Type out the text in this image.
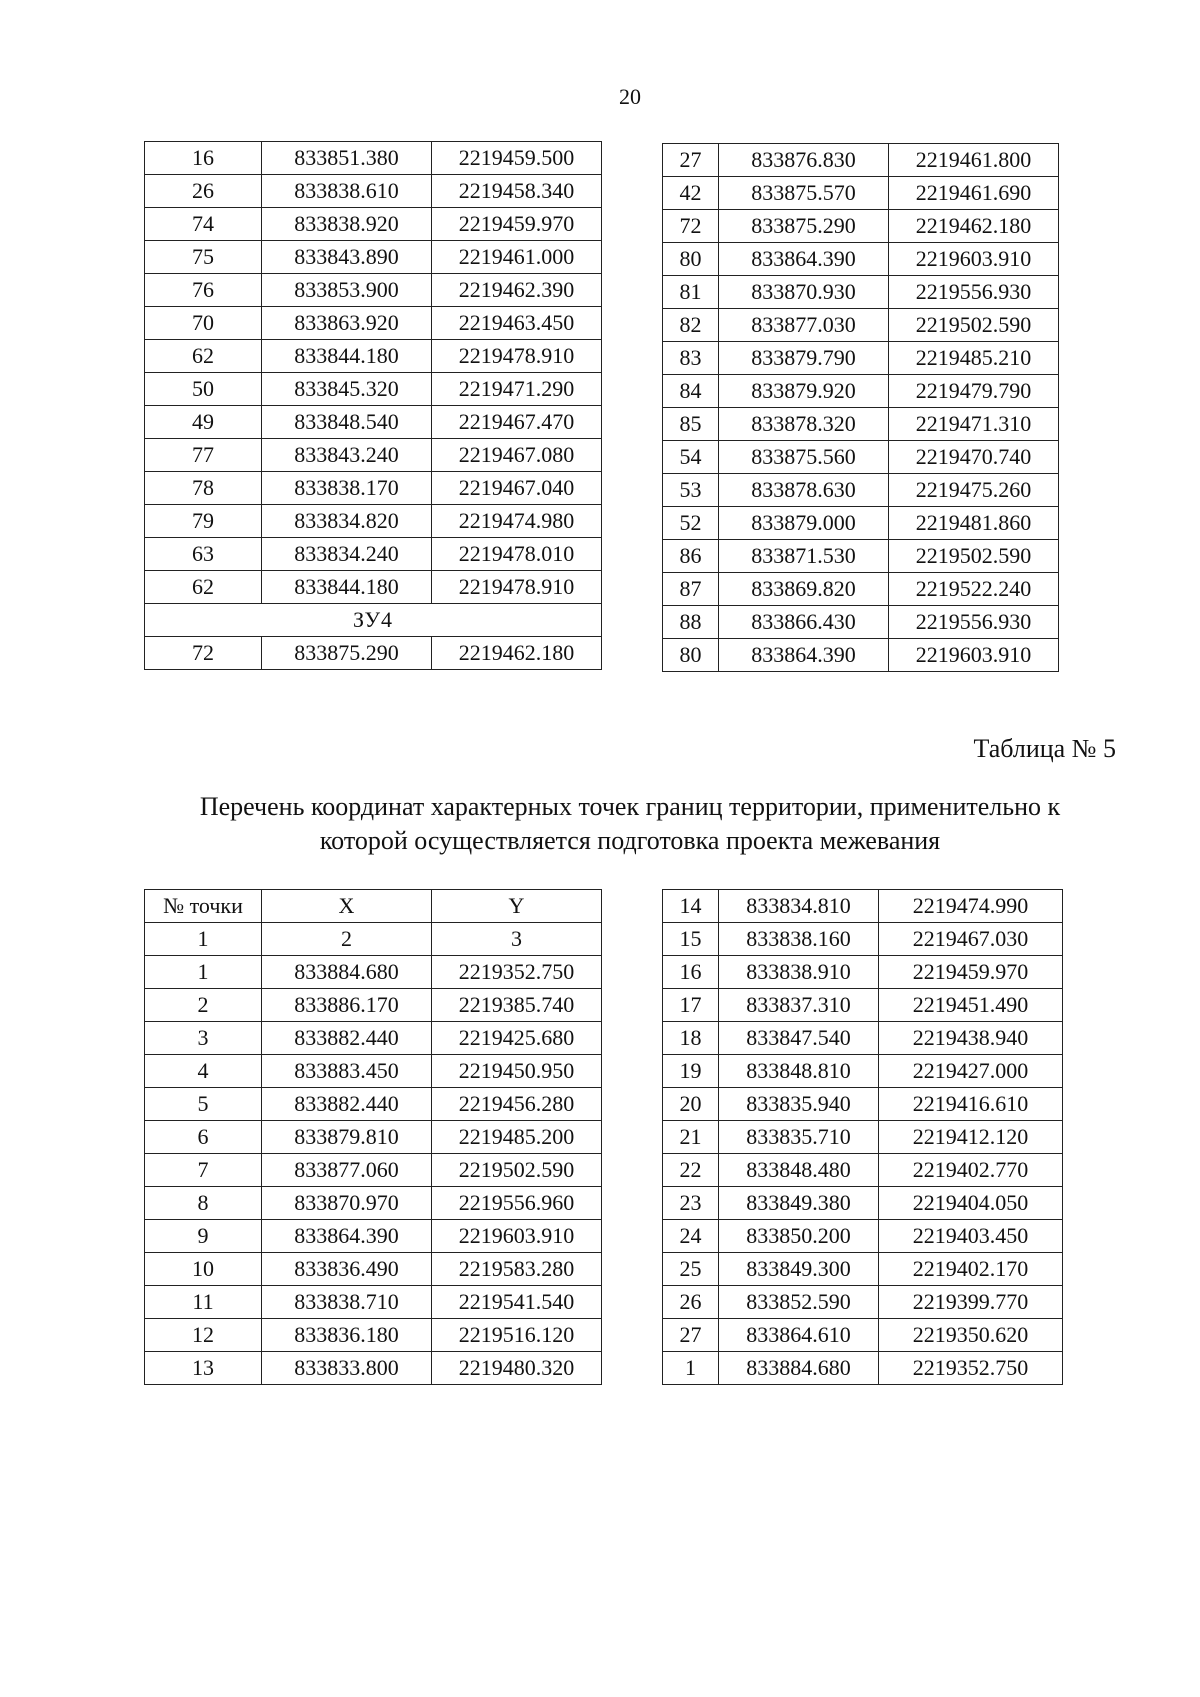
20
16	833851.380	2219459.500
26	833838.610	2219458.340
74	833838.920	2219459.970
75	833843.890	2219461.000
76	833853.900	2219462.390
70	833863.920	2219463.450
62	833844.180	2219478.910
50	833845.320	2219471.290
49	833848.540	2219467.470
77	833843.240	2219467.080
78	833838.170	2219467.040
79	833834.820	2219474.980
63	833834.240	2219478.010
62	833844.180	2219478.910
ЗУ4		
72	833875.290	2219462.180
27	833876.830	2219461.800
42	833875.570	2219461.690
72	833875.290	2219462.180
80	833864.390	2219603.910
81	833870.930	2219556.930
82	833877.030	2219502.590
83	833879.790	2219485.210
84	833879.920	2219479.790
85	833878.320	2219471.310
54	833875.560	2219470.740
53	833878.630	2219475.260
52	833879.000	2219481.860
86	833871.530	2219502.590
87	833869.820	2219522.240
88	833866.430	2219556.930
80	833864.390	2219603.910
Таблица № 5
Перечень координат характерных точек границ территории, применительно к
которой осуществляется подготовка проекта межевания
№ точки	X	Y
1	2	3
1	833884.680	2219352.750
2	833886.170	2219385.740
3	833882.440	2219425.680
4	833883.450	2219450.950
5	833882.440	2219456.280
6	833879.810	2219485.200
7	833877.060	2219502.590
8	833870.970	2219556.960
9	833864.390	2219603.910
10	833836.490	2219583.280
11	833838.710	2219541.540
12	833836.180	2219516.120
13	833833.800	2219480.320
14	833834.810	2219474.990
15	833838.160	2219467.030
16	833838.910	2219459.970
17	833837.310	2219451.490
18	833847.540	2219438.940
19	833848.810	2219427.000
20	833835.940	2219416.610
21	833835.710	2219412.120
22	833848.480	2219402.770
23	833849.380	2219404.050
24	833850.200	2219403.450
25	833849.300	2219402.170
26	833852.590	2219399.770
27	833864.610	2219350.620
1	833884.680	2219352.750
